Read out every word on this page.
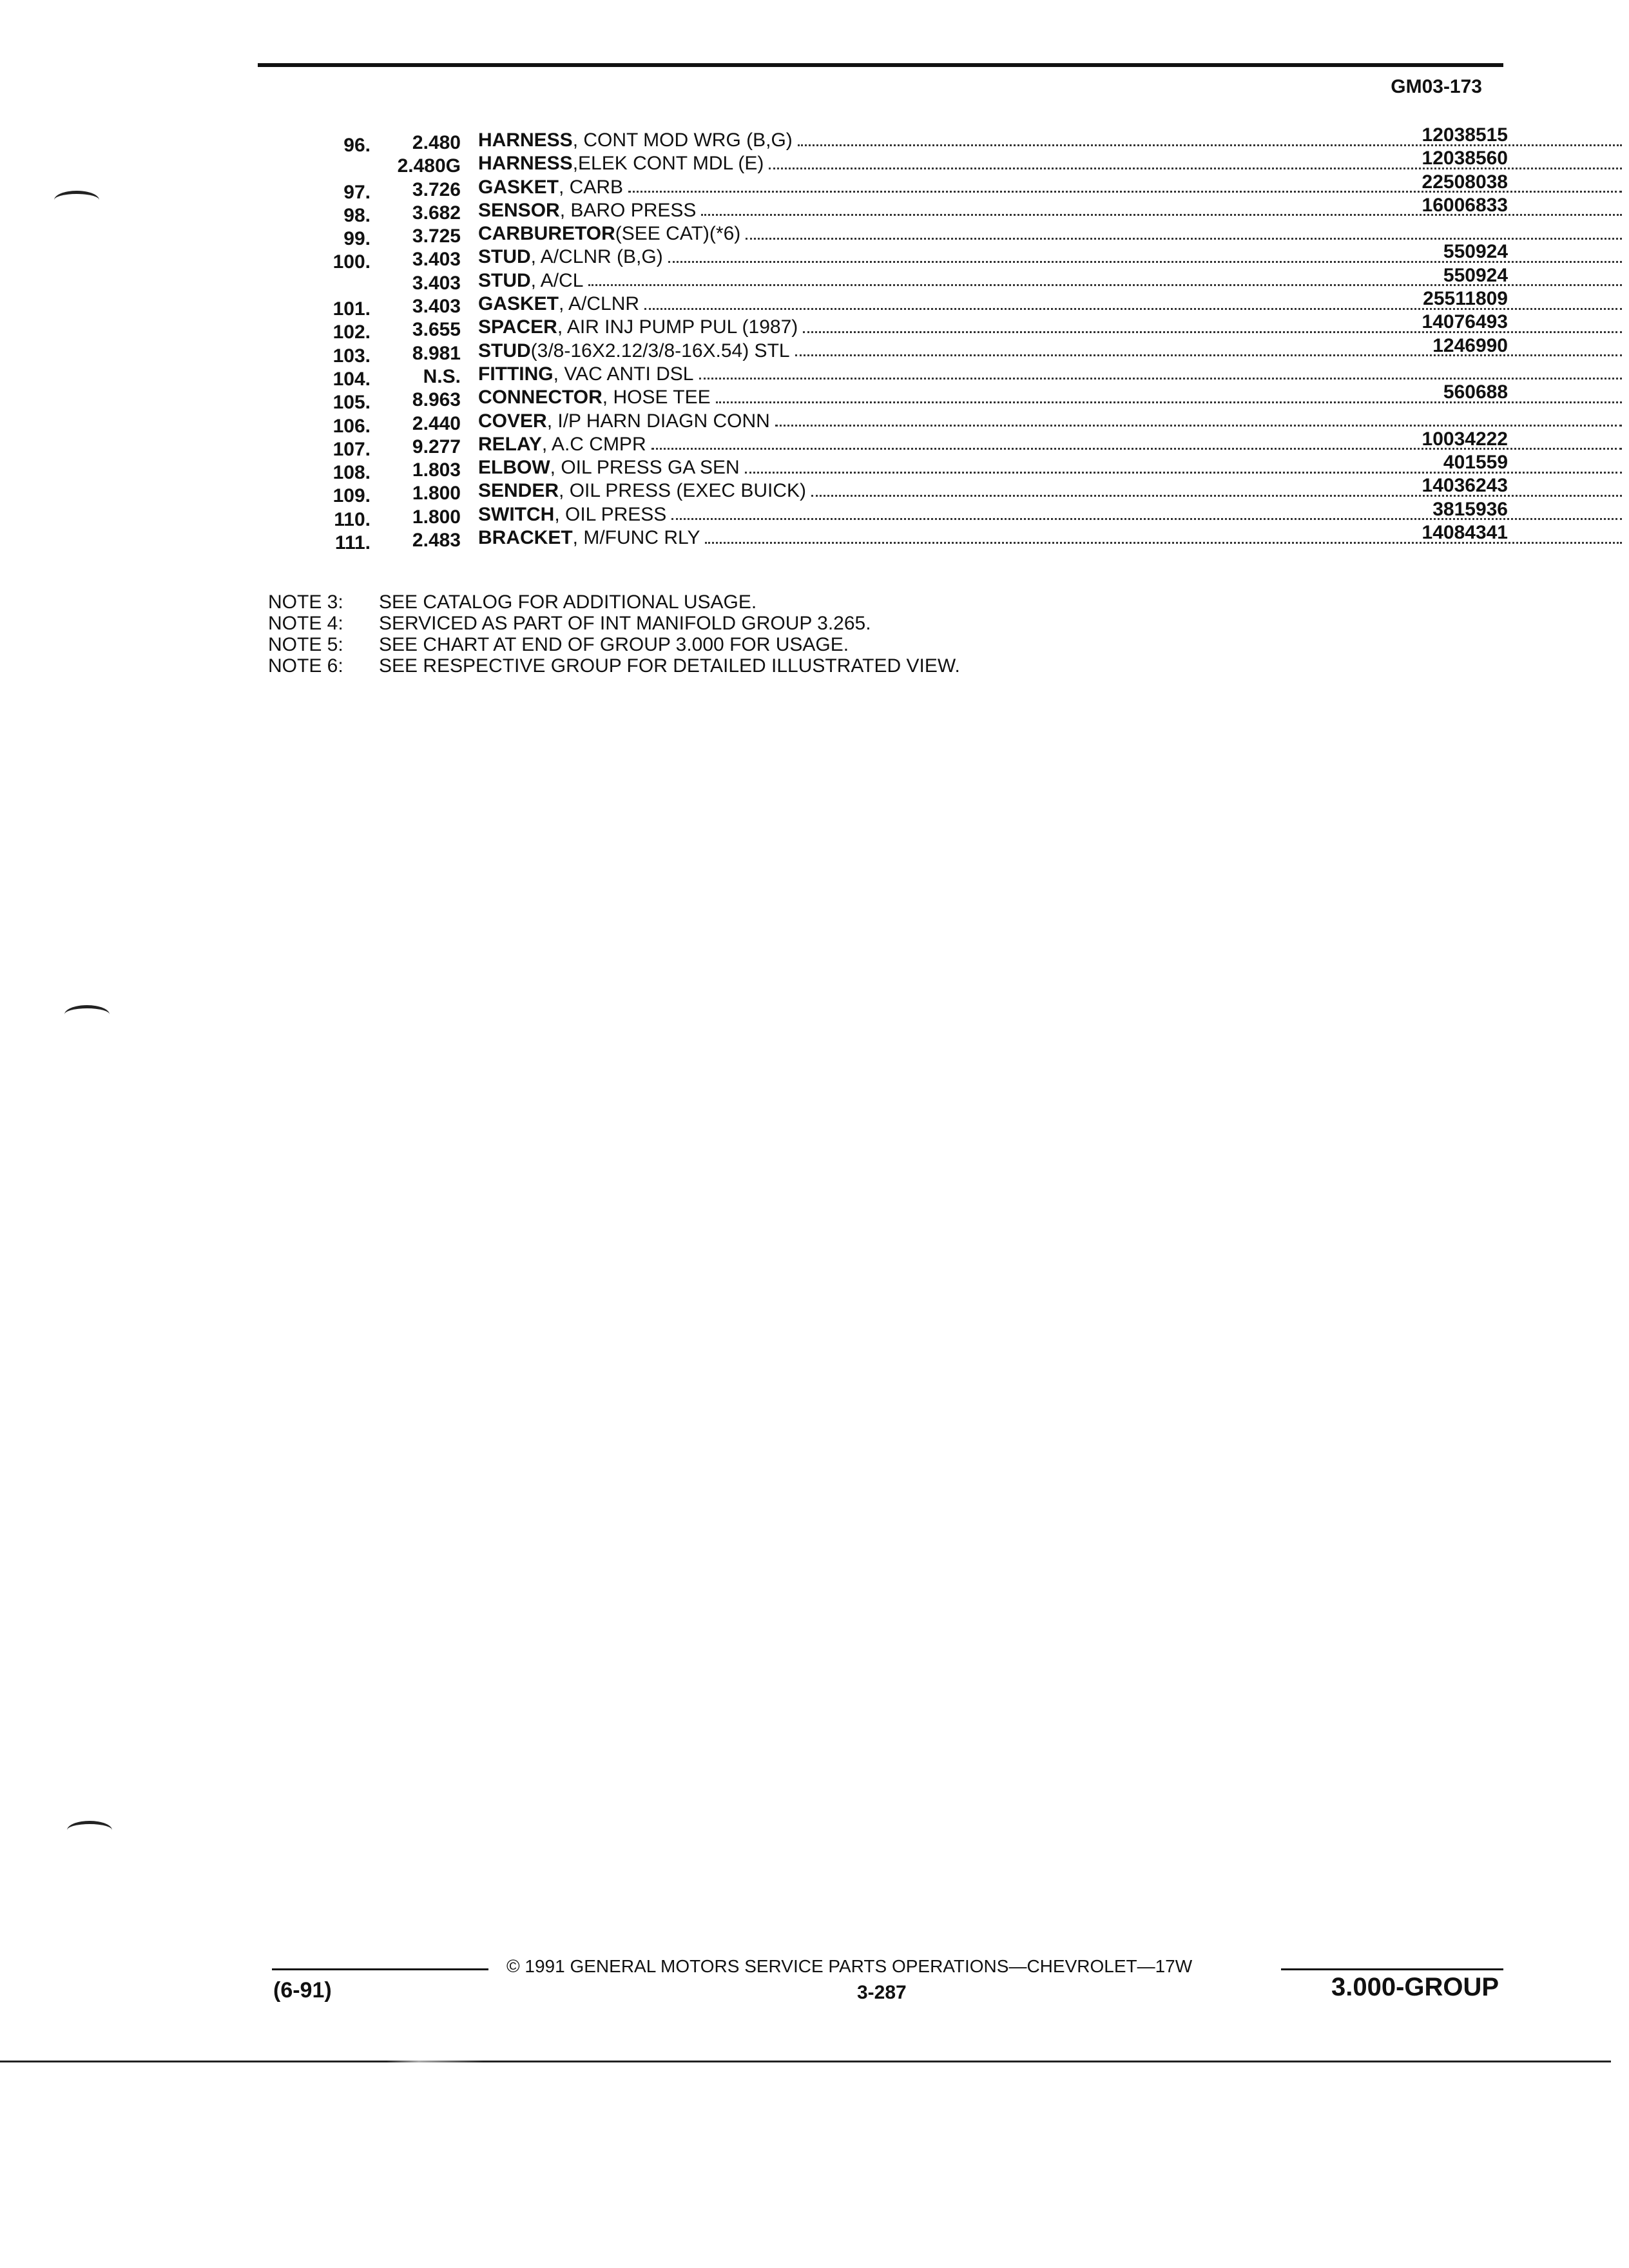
GM03-173
96.	2.480 HARNESS , CONT MOD WRG (B,G)	12038515
2.480G HARNESS ,ELEK CONT MDL (E)	12038560
97.	3.726 GASKET , CARB	22508038
98.	3.682 SENSOR , BARO PRESS	16006833
99.	3.725 CARBURETOR (SEE CAT)(*6)
100.	3.403 STUD , A/CLNR (B,G)	550924
3.403 STUD , A/CL	550924
101.	3.403 GASKET , A/CLNR	25511809
102.	3.655 SPACER , AIR INJ PUMP PUL (1987)	14076493
103.	8.981 STUD (3/8-16X2.12/3/8-16X.54) STL	1246990
104.	N.S. FITTING , VAC ANTI DSL
105.	8.963 CONNECTOR , HOSE TEE	560688
106.	2.440 COVER , I/P HARN DIAGN CONN
107.	9.277 RELAY , A.C CMPR	10034222
108.	1.803 ELBOW , OIL PRESS GA SEN	401559
109.	1.800 SENDER , OIL PRESS (EXEC BUICK)	14036243
110.	1.800 SWITCH , OIL PRESS	3815936
111.	2.483 BRACKET , M/FUNC RLY	14084341
NOTE 3: SEE CATALOG FOR ADDITIONAL USAGE.
NOTE 4: SERVICED AS PART OF INT MANIFOLD GROUP 3.265.
NOTE 5: SEE CHART AT END OF GROUP 3.000 FOR USAGE.
NOTE 6: SEE RESPECTIVE GROUP FOR DETAILED ILLUSTRATED VIEW.
© 1991 GENERAL MOTORS SERVICE PARTS OPERATIONS—CHEVROLET—17W
(6-91)	3-287	3.000-GROUP
